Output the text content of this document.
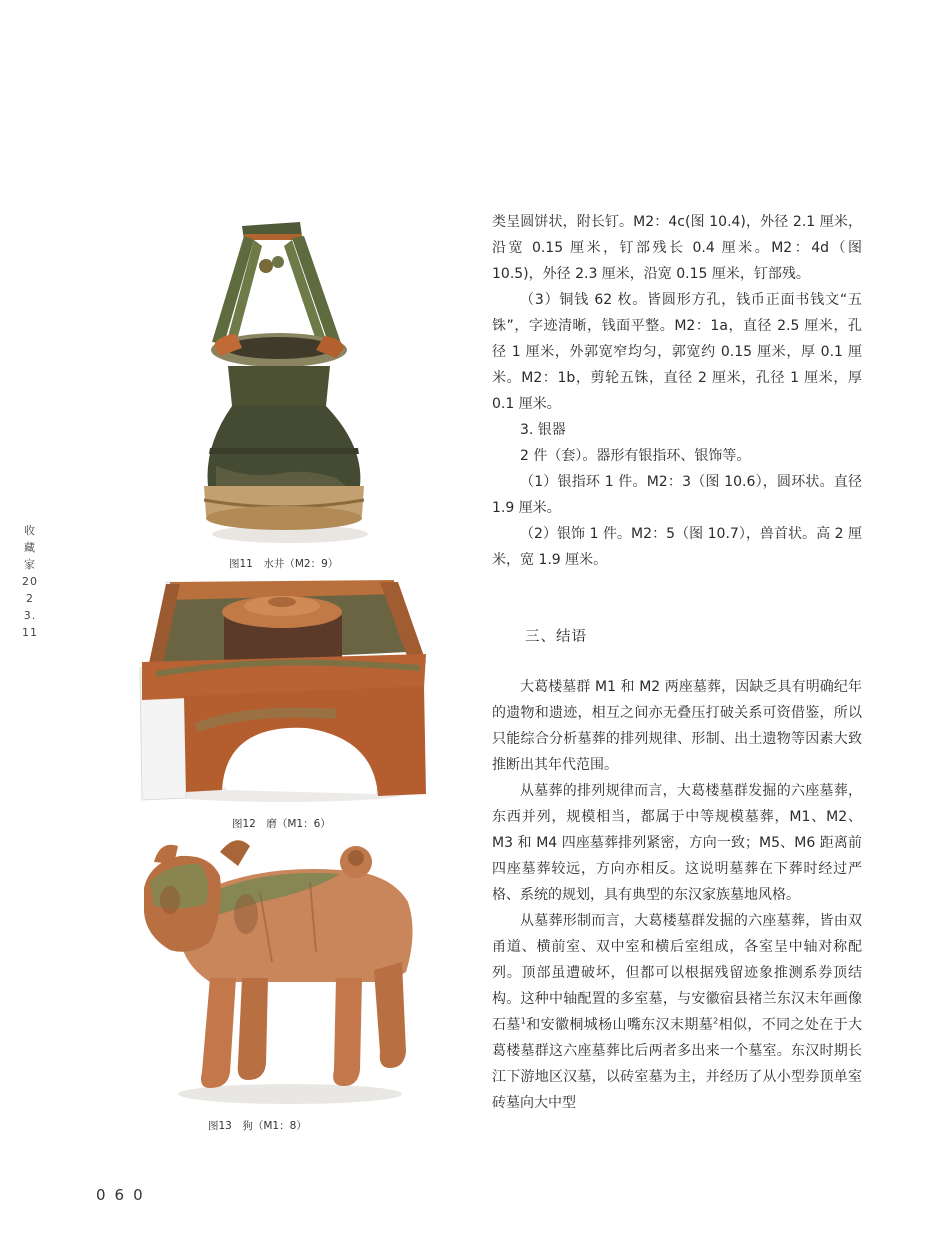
收藏家 2023.11
图11　水井（M2：9）
图12　磨（M1：6）
图13　狗（M1：8）

类呈圆饼状，附长钉。M2：4c(图 10.4)，外径 2.1 厘米，沿宽 0.15 厘米，钉部残长 0.4 厘米。M2：4d（图 10.5)，外径 2.3 厘米，沿宽 0.15 厘米，钉部残。

（3）铜钱 62 枚。皆圆形方孔，钱币正面书钱文“五铢”，字迹清晰，钱面平整。M2：1a，直径 2.5 厘米，孔径 1 厘米，外郭宽窄均匀，郭宽约 0.15 厘米，厚 0.1 厘米。M2：1b，剪轮五铢，直径 2 厘米，孔径 1 厘米，厚 0.1 厘米。

3. 银器

2 件（套）。器形有银指环、银饰等。

（1）银指环 1 件。M2：3（图 10.6），圆环状。直径 1.9 厘米。

（2）银饰 1 件。M2：5（图 10.7），兽首状。高 2 厘米，宽 1.9 厘米。

三、结语

大葛楼墓群 M1 和 M2 两座墓葬，因缺乏具有明确纪年的遗物和遗迹，相互之间亦无叠压打破关系可资借鉴，所以只能综合分析墓葬的排列规律、形制、出土遗物等因素大致推断出其年代范围。

从墓葬的排列规律而言，大葛楼墓群发掘的六座墓葬，东西并列，规模相当，都属于中等规模墓葬，M1、M2、M3 和 M4 四座墓葬排列紧密，方向一致；M5、M6 距离前四座墓葬较远，方向亦相反。这说明墓葬在下葬时经过严格、系统的规划，具有典型的东汉家族墓地风格。

从墓葬形制而言，大葛楼墓群发掘的六座墓葬，皆由双甬道、横前室、双中室和横后室组成，各室呈中轴对称配列。顶部虽遭破坏，但都可以根据残留迹象推测系券顶结构。这种中轴配置的多室墓，与安徽宿县褚兰东汉末年画像石墓$^1$和安徽桐城杨山嘴东汉末期墓$^2$相似，不同之处在于大葛楼墓群这六座墓葬比后两者多出来一个墓室。东汉时期长江下游地区汉墓，以砖室墓为主，并经历了从小型券顶单室砖墓向大中型

060
